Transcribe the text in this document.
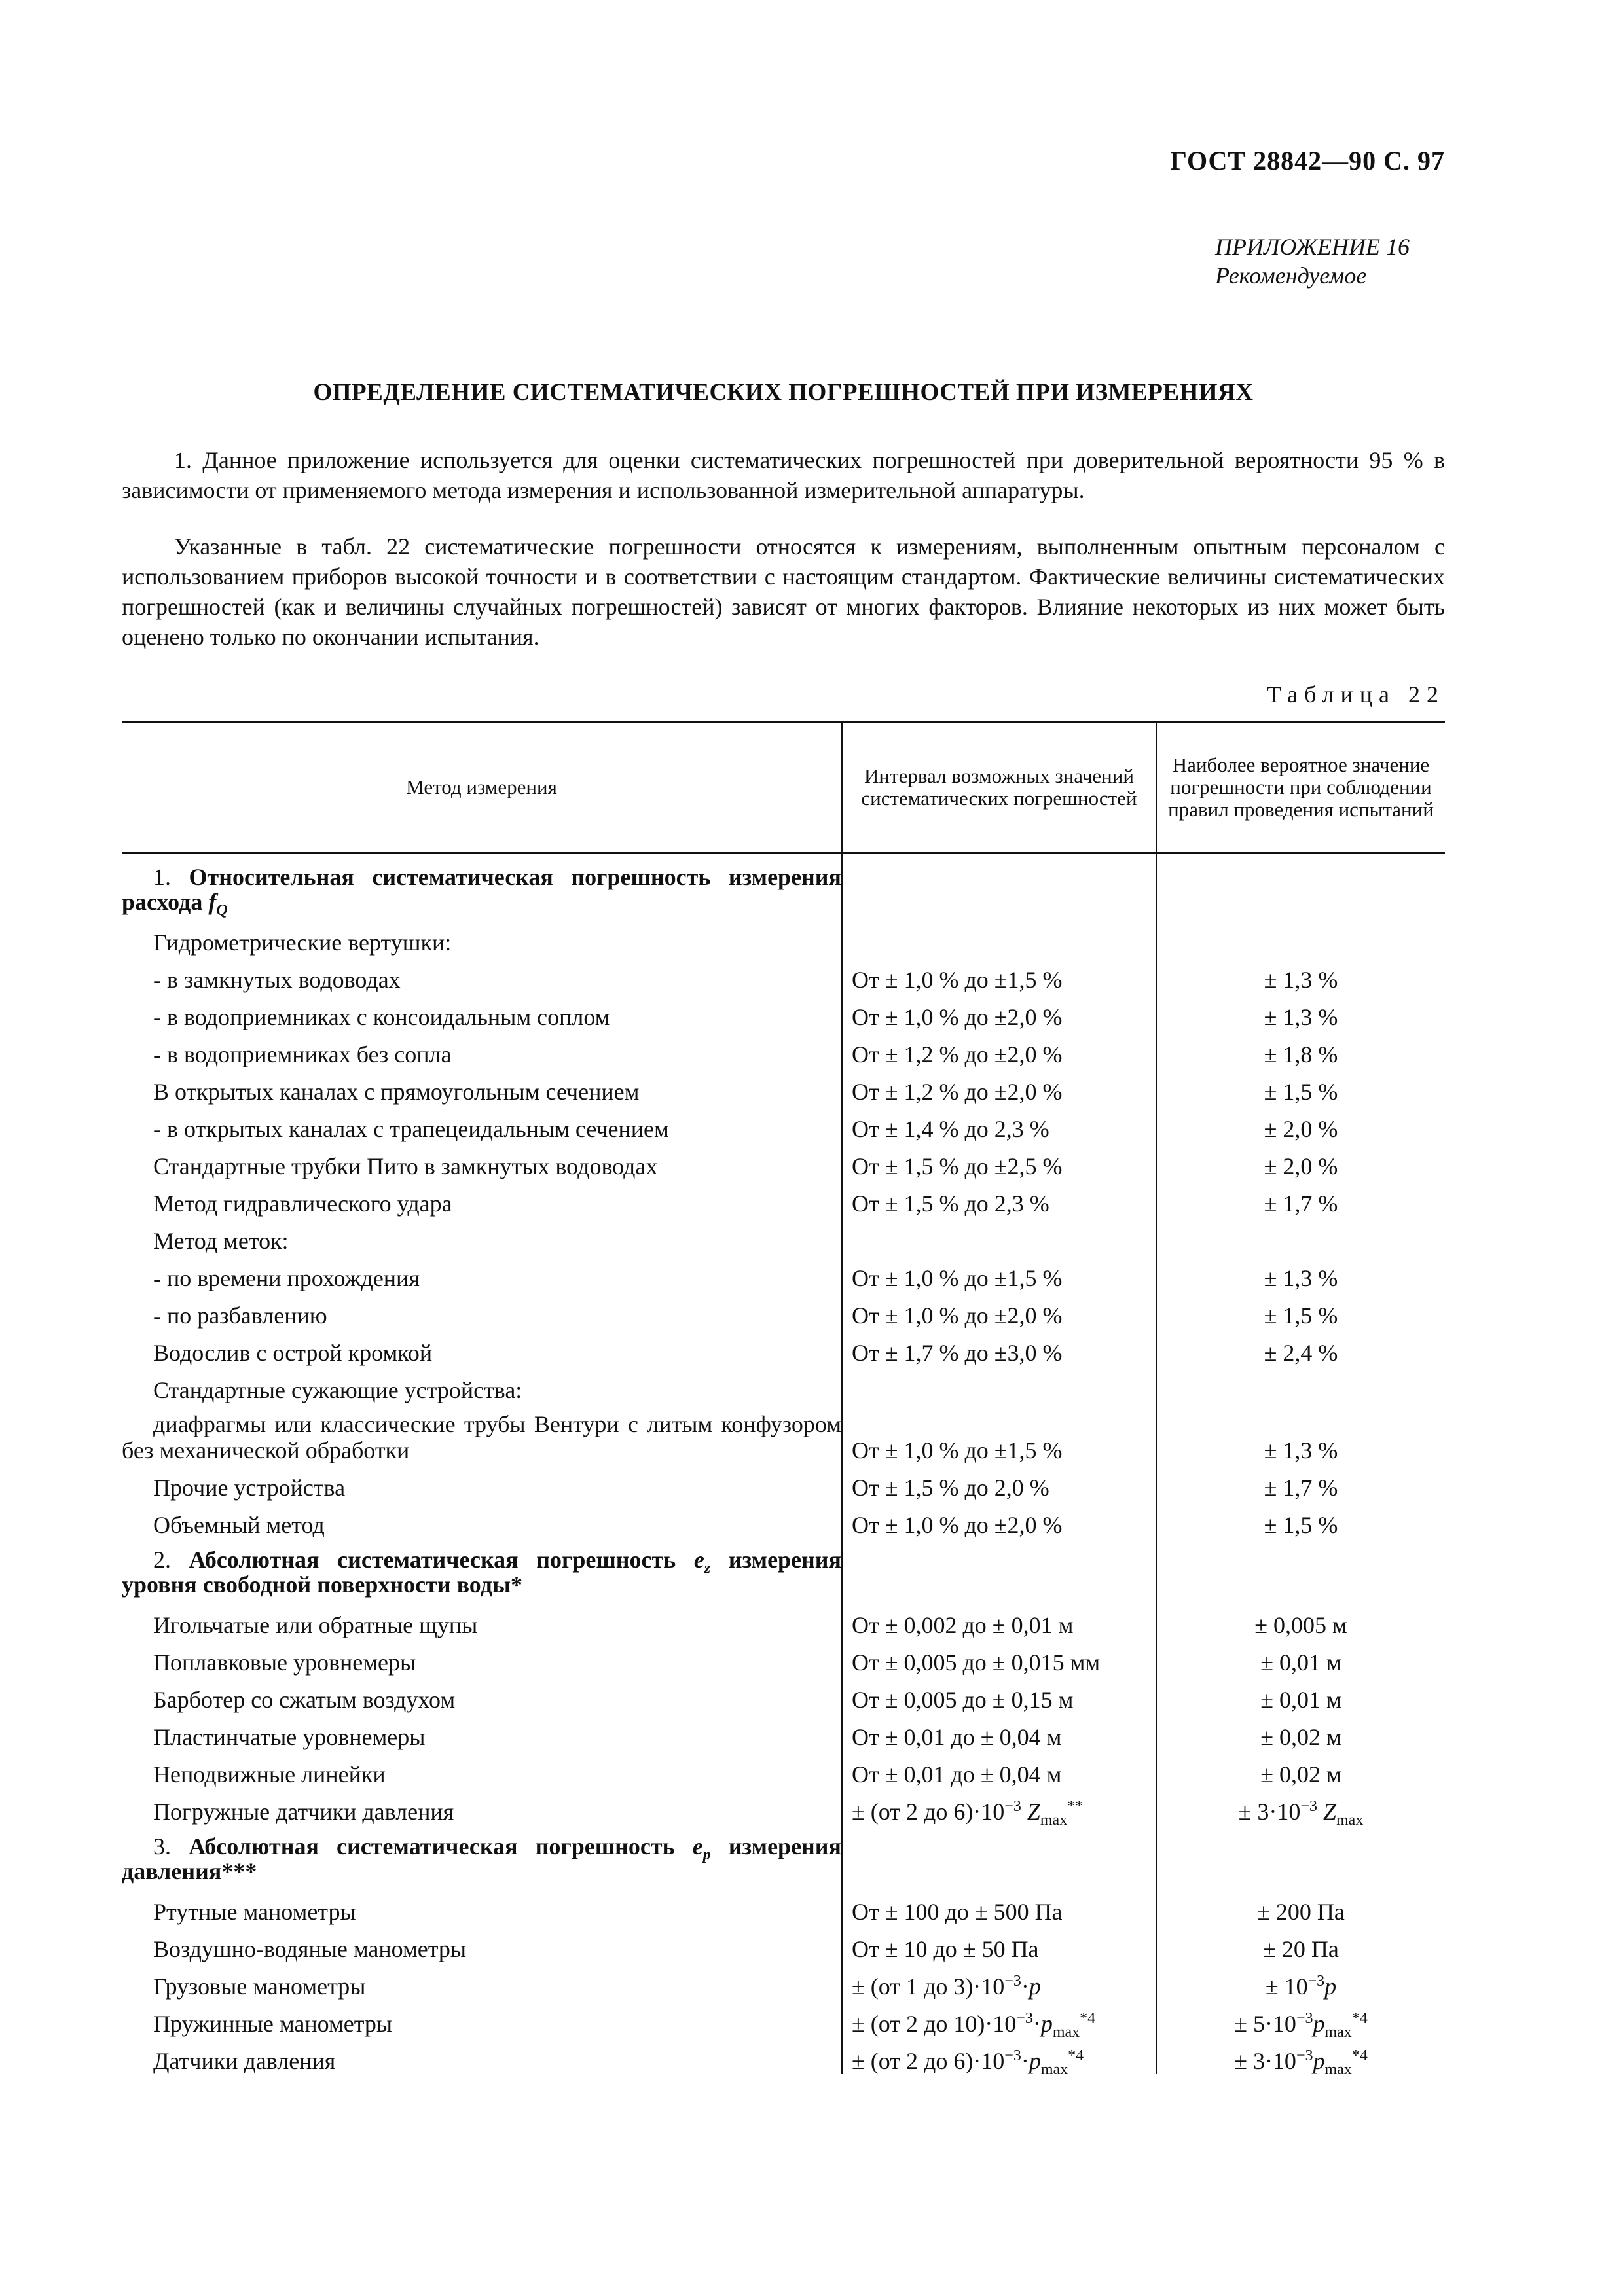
ГОСТ 28842—90 С. 97
ПРИЛОЖЕНИЕ 16
Рекомендуемое
ОПРЕДЕЛЕНИЕ СИСТЕМАТИЧЕСКИХ ПОГРЕШНОСТЕЙ ПРИ ИЗМЕРЕНИЯХ
1. Данное приложение используется для оценки систематических погрешностей при доверительной вероятности 95 % в зависимости от применяемого метода измерения и использованной измерительной аппаратуры.
Указанные в табл. 22 систематические погрешности относятся к измерениям, выполненным опытным персоналом с использованием приборов высокой точности и в соответствии с настоящим стандартом. Фактические величины систематических погрешностей (как и величины случайных погрешностей) зависят от многих факторов. Влияние некоторых из них может быть оценено только по окончании испытания.
Таблица 22
Метод измерения	Интервал возможных значений систематических погрешностей	Наиболее вероятное значение погрешности при соблюдении правил проведения испытаний
1. Относительная систематическая погрешность измерения расхода $f_Q$		
Гидрометрические вертушки:		
- в замкнутых водоводах	От ± 1,0 % до ±1,5 %	± 1,3 %
- в водоприемниках с консоидальным соплом	От ± 1,0 % до ±2,0 %	± 1,3 %
- в водоприемниках без сопла	От ± 1,2 % до ±2,0 %	± 1,8 %
В открытых каналах с прямоугольным сечением	От ± 1,2 % до ±2,0 %	± 1,5 %
- в открытых каналах с трапецеидальным сечением	От ± 1,4 % до 2,3 %	± 2,0 %
Стандартные трубки Пито в замкнутых водоводах	От ± 1,5 % до ±2,5 %	± 2,0 %
Метод гидравлического удара	От ± 1,5 % до 2,3 %	± 1,7 %
Метод меток:		
- по времени прохождения	От ± 1,0 % до ±1,5 %	± 1,3 %
- по разбавлению	От ± 1,0 % до ±2,0 %	± 1,5 %
Водослив с острой кромкой	От ± 1,7 % до ±3,0 %	± 2,4 %
Стандартные сужающие устройства:		
диафрагмы или классические трубы Вентури с литым конфузором без механической обработки	От ± 1,0 % до ±1,5 %	± 1,3 %
Прочие устройства	От ± 1,5 % до 2,0 %	± 1,7 %
Объемный метод	От ± 1,0 % до ±2,0 %	± 1,5 %
2. Абсолютная систематическая погрешность $e_z$ измерения уровня свободной поверхности воды*		
Игольчатые или обратные щупы	От ± 0,002 до ± 0,01 м	± 0,005 м
Поплавковые уровнемеры	От ± 0,005 до ± 0,015 мм	± 0,01 м
Барботер со сжатым воздухом	От ± 0,005 до ± 0,15 м	± 0,01 м
Пластинчатые уровнемеры	От ± 0,01 до ± 0,04 м	± 0,02 м
Неподвижные линейки	От ± 0,01 до ± 0,04 м	± 0,02 м
Погружные датчики давления	± (от 2 до $6)\cdot 10^{-3}$ $Z_{max}^{**}$	± $3\cdot 10^{-3}$ $Z_{max}$
3. Абсолютная систематическая погрешность $e_p$ измерения давления***		
Ртутные манометры	От ± 100 до ± 500 Па	± 200 Па
Воздушно-водяные манометры	От ± 10 до ± 50 Па	± 20 Па
Грузовые манометры	± (от 1 до $3)\cdot 10^{-3}\cdot p$	± $10^{-3}p$
Пружинные манометры	± (от 2 до $10)\cdot 10^{-3}\cdot p_{max}^{*4}$	± $5\cdot 10^{-3}p_{max}^{*4}$
Датчики давления	± (от 2 до $6)\cdot 10^{-3}\cdot p_{max}^{*4}$	± $3\cdot 10^{-3}p_{max}^{*4}$
